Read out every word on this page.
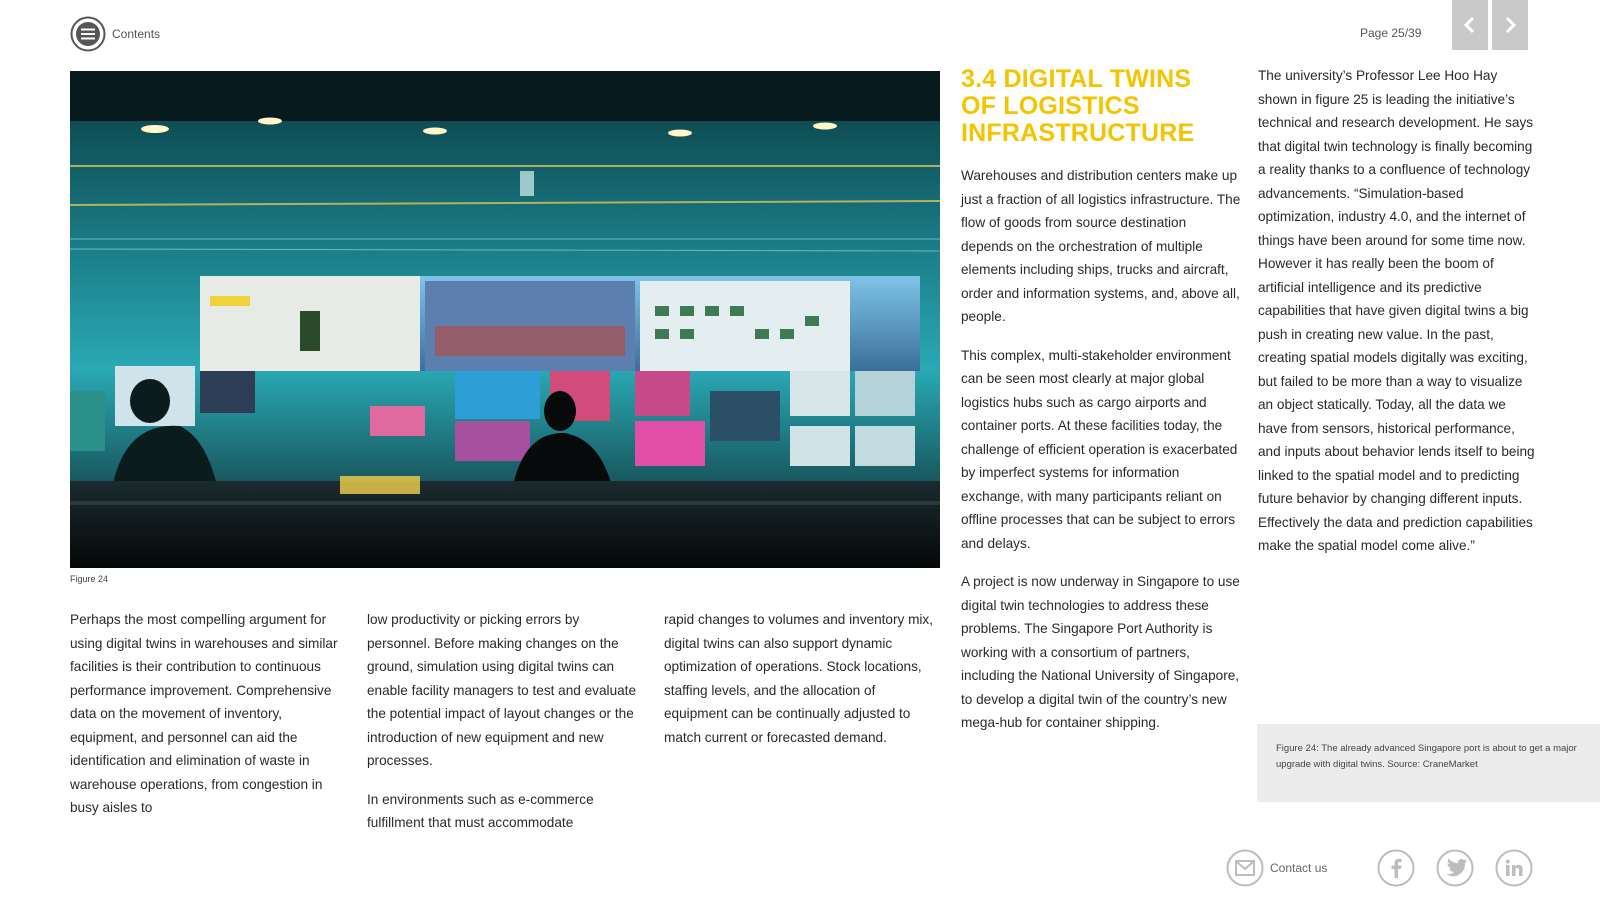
Contents	Page 25/39
Figure 24

Perhaps the most compelling argument for using digital twins in warehouses and similar facilities is their contribution to continuous performance improvement. Comprehensive data on the movement of inventory, equipment, and personnel can aid the identification and elimination of waste in warehouse operations, from congestion in busy aisles to

low productivity or picking errors by personnel. Before making changes on the ground, simulation using digital twins can enable facility managers to test and evaluate the potential impact of layout changes or the introduction of new equipment and new processes.

In environments such as e-commerce fulfillment that must accommodate

rapid changes to volumes and inventory mix, digital twins can also support dynamic optimization of operations. Stock locations, staffing levels, and the allocation of equipment can be continually adjusted to match current or forecasted demand.

3.4 DIGITAL TWINS
OF LOGISTICS
INFRASTRUCTURE

Warehouses and distribution centers make up just a fraction of all logistics infrastructure. The flow of goods from source destination depends on the orchestration of multiple elements including ships, trucks and aircraft, order and information systems, and, above all, people.

This complex, multi-stakeholder environment can be seen most clearly at major global logistics hubs such as cargo airports and container ports. At these facilities today, the challenge of efficient operation is exacerbated by imperfect systems for information exchange, with many participants reliant on offline processes that can be subject to errors and delays.

A project is now underway in Singapore to use digital twin technologies to address these problems. The Singapore Port Authority is working with a consortium of partners, including the National University of Singapore, to develop a digital twin of the country’s new mega-hub for container shipping.

The university’s Professor Lee Hoo Hay shown in figure 25 is leading the initiative’s technical and research development. He says that digital twin technology is finally becoming a reality thanks to a confluence of technology advancements. “Simulation-based optimization, industry 4.0, and the internet of things have been around for some time now. However it has really been the boom of artificial intelligence and its predictive capabilities that have given digital twins a big push in creating new value. In the past, creating spatial models digitally was exciting, but failed to be more than a way to visualize an object statically. Today, all the data we have from sensors, historical performance, and inputs about behavior lends itself to being linked to the spatial model and to predicting future behavior by changing different inputs. Effectively the data and prediction capabilities make the spatial model come alive.”

Figure 24: The already advanced Singapore port is about to get a major upgrade with digital twins. Source: CraneMarket
Contact us
